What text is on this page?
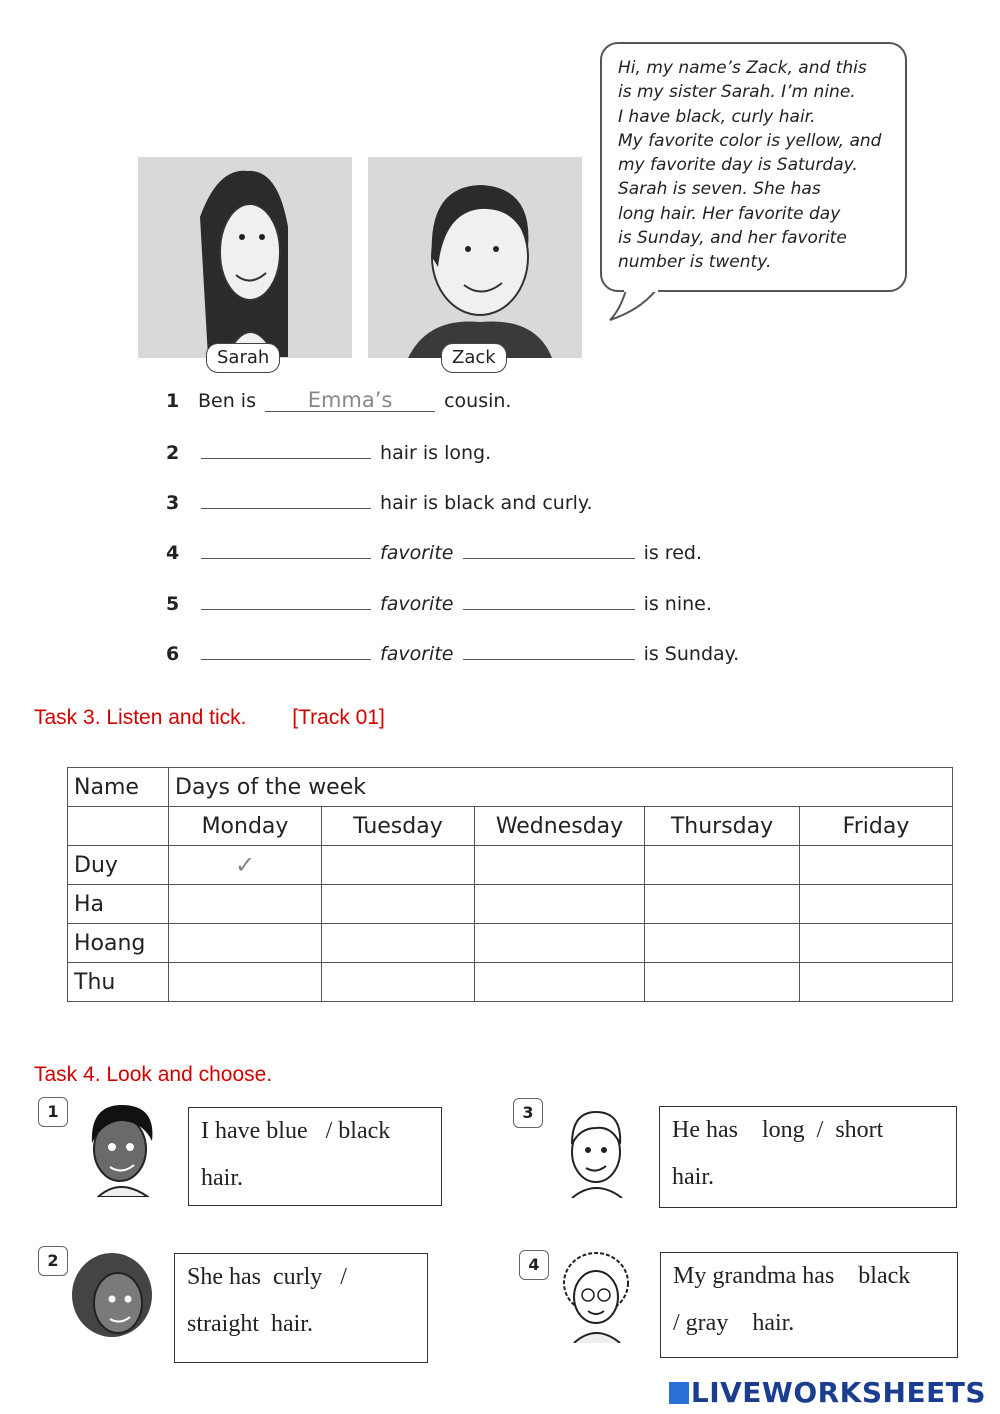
Sarah	Zack
Hi, my name’s Zack, and this
is my sister Sarah. I’m nine.
I have black, curly hair.
My favorite color is yellow, and
my favorite day is Saturday.
Sarah is seven. She has
long hair. Her favorite day
is Sunday, and her favorite
number is twenty.
1 Ben is Emma’s	cousin.
2	hair is long.
3	hair is black and curly.
4	favorite	is red.
5	favorite	is nine.
6	favorite	is Sunday.
Task 3. Listen and tick. [Track 01]
Name	Days of the week				
	Monday	Tuesday	Wednesday	Thursday	Friday
Duy	✓				
Ha					
Hoang					
Thu					
Task 4. Look and choose.
1
I have blue   / black
hair.
2
She has  curly   /
straight  hair.
3
He has    long  /  short
hair.
4	My grandma has    black
/ gray    hair.
LIVEWORKSHEETS
